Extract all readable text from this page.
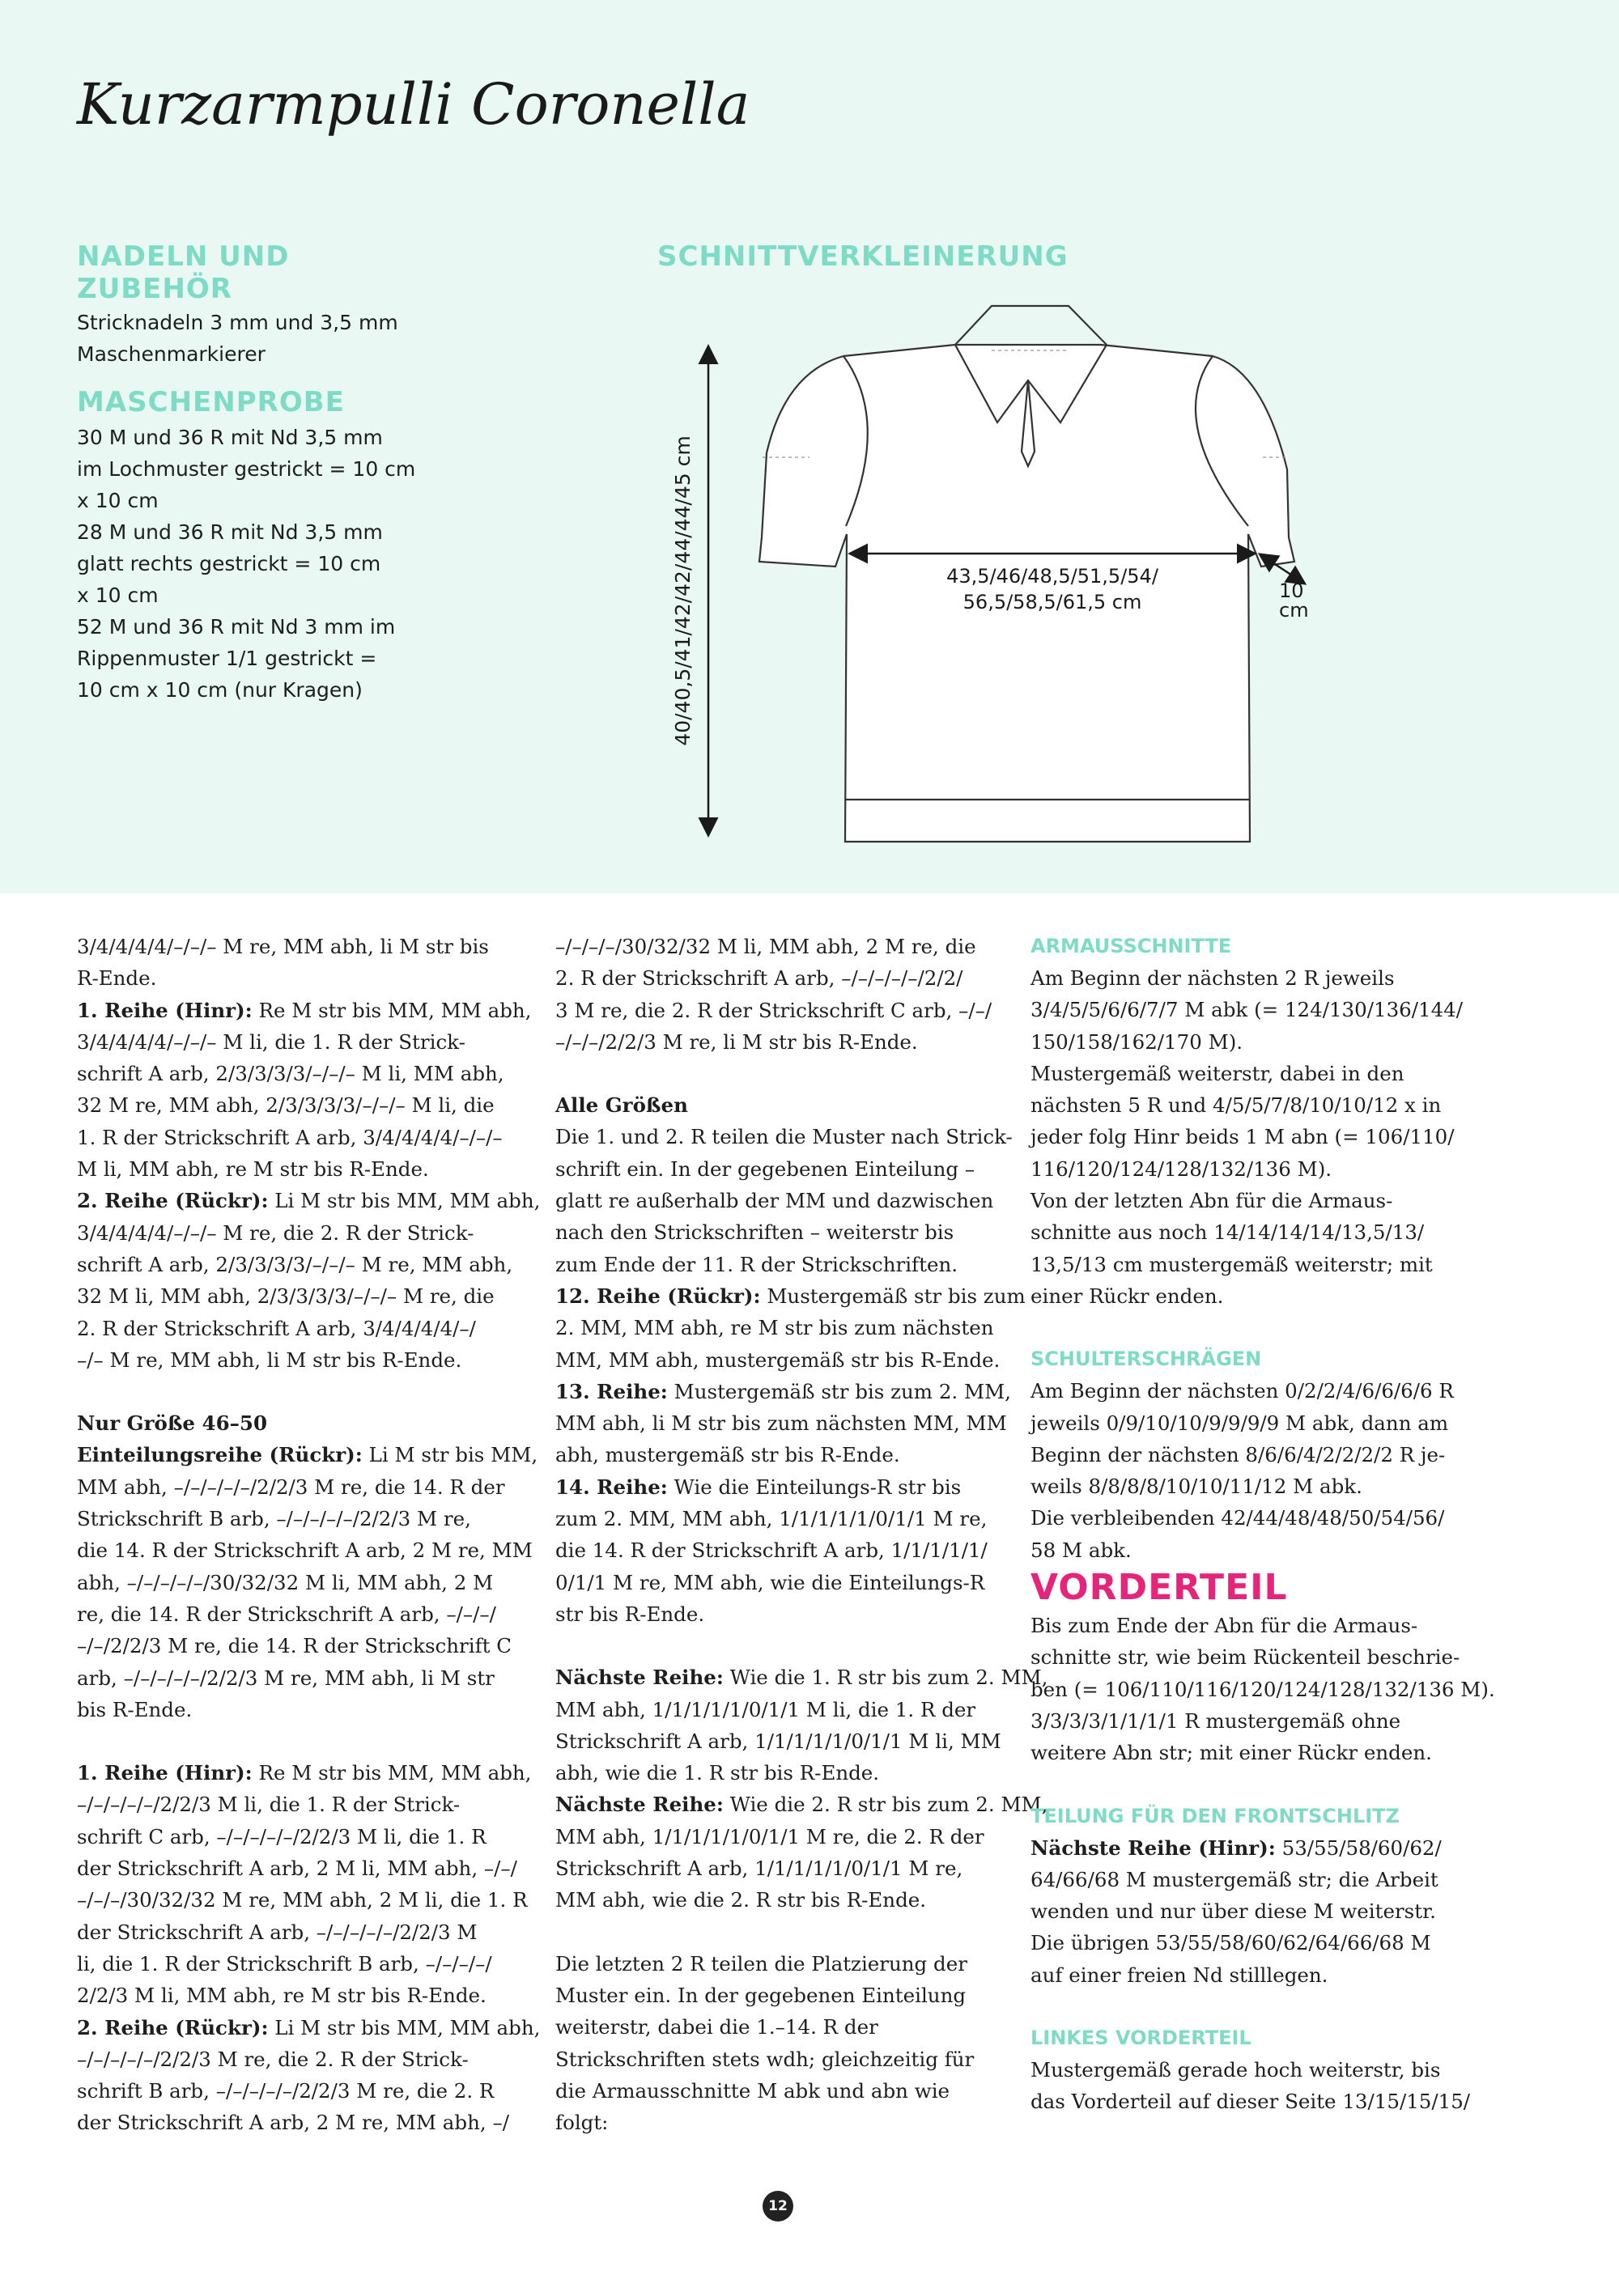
Kurzarmpulli Coronella
NADELN UND
ZUBEHÖR

Stricknadeln 3 mm und 3,5 mm

Maschenmarkierer

MASCHENPROBE

30 M und 36 R mit Nd 3,5 mm

im Lochmuster gestrickt = 10 cm

x 10 cm

28 M und 36 R mit Nd 3,5 mm

glatt rechts gestrickt = 10 cm

x 10 cm

52 M und 36 R mit Nd 3 mm im

Rippenmuster 1/1 gestrickt =

10 cm x 10 cm (nur Kragen)

SCHNITTVERKLEINERUNG
40/40,5/41/42/42/44/44/45 cm	43,5/46/48,5/51,5/54/
56,5/58,5/61,5 cm	10
cm

3/4/4/4/4/–/–/– M re, MM abh, li M str bis

R-Ende.

1. Reihe (Hinr): Re M str bis MM, MM abh,

3/4/4/4/4/–/–/– M li, die 1. R der Strick-

schrift A arb, 2/3/3/3/3/–/–/– M li, MM abh,

32 M re, MM abh, 2/3/3/3/3/–/–/– M li, die

1. R der Strickschrift A arb, 3/4/4/4/4/–/–/–

M li, MM abh, re M str bis R-Ende.

2. Reihe (Rückr): Li M str bis MM, MM abh,

3/4/4/4/4/–/–/– M re, die 2. R der Strick-

schrift A arb, 2/3/3/3/3/–/–/– M re, MM abh,

32 M li, MM abh, 2/3/3/3/3/–/–/– M re, die

2. R der Strickschrift A arb, 3/4/4/4/4/–/

–/– M re, MM abh, li M str bis R-Ende.

Nur Größe 46–50

Einteilungsreihe (Rückr): Li M str bis MM,

MM abh, –/–/–/–/–/2/2/3 M re, die 14. R der

Strickschrift B arb, –/–/–/–/–/2/2/3 M re,

die 14. R der Strickschrift A arb, 2 M re, MM

abh, –/–/–/–/–/30/32/32 M li, MM abh, 2 M

re, die 14. R der Strickschrift A arb, –/–/–/

–/–/2/2/3 M re, die 14. R der Strickschrift C

arb, –/–/–/–/–/2/2/3 M re, MM abh, li M str

bis R-Ende.

1. Reihe (Hinr): Re M str bis MM, MM abh,

–/–/–/–/–/2/2/3 M li, die 1. R der Strick-

schrift C arb, –/–/–/–/–/2/2/3 M li, die 1. R

der Strickschrift A arb, 2 M li, MM abh, –/–/

–/–/–/30/32/32 M re, MM abh, 2 M li, die 1. R

der Strickschrift A arb, –/–/–/–/–/2/2/3 M

li, die 1. R der Strickschrift B arb, –/–/–/–/

2/2/3 M li, MM abh, re M str bis R-Ende.

2. Reihe (Rückr): Li M str bis MM, MM abh,

–/–/–/–/–/2/2/3 M re, die 2. R der Strick-

schrift B arb, –/–/–/–/–/2/2/3 M re, die 2. R

der Strickschrift A arb, 2 M re, MM abh, –/

–/–/–/–/30/32/32 M li, MM abh, 2 M re, die

2. R der Strickschrift A arb, –/–/–/–/–/2/2/

3 M re, die 2. R der Strickschrift C arb, –/–/

–/–/–/2/2/3 M re, li M str bis R-Ende.

Alle Größen

Die 1. und 2. R teilen die Muster nach Strick-

schrift ein. In der gegebenen Einteilung –

glatt re außerhalb der MM und dazwischen

nach den Strickschriften – weiterstr bis

zum Ende der 11. R der Strickschriften.

12. Reihe (Rückr): Mustergemäß str bis zum

2. MM, MM abh, re M str bis zum nächsten

MM, MM abh, mustergemäß str bis R-Ende.

13. Reihe: Mustergemäß str bis zum 2. MM,

MM abh, li M str bis zum nächsten MM, MM

abh, mustergemäß str bis R-Ende.

14. Reihe: Wie die Einteilungs-R str bis

zum 2. MM, MM abh, 1/1/1/1/1/0/1/1 M re,

die 14. R der Strickschrift A arb, 1/1/1/1/1/

0/1/1 M re, MM abh, wie die Einteilungs-R

str bis R-Ende.

Nächste Reihe: Wie die 1. R str bis zum 2. MM,

MM abh, 1/1/1/1/1/0/1/1 M li, die 1. R der

Strickschrift A arb, 1/1/1/1/1/0/1/1 M li, MM

abh, wie die 1. R str bis R-Ende.

Nächste Reihe: Wie die 2. R str bis zum 2. MM,

MM abh, 1/1/1/1/1/0/1/1 M re, die 2. R der

Strickschrift A arb, 1/1/1/1/1/0/1/1 M re,

MM abh, wie die 2. R str bis R-Ende.

Die letzten 2 R teilen die Platzierung der

Muster ein. In der gegebenen Einteilung

weiterstr, dabei die 1.–14. R der

Strickschriften stets wdh; gleichzeitig für

die Armausschnitte M abk und abn wie

folgt:

ARMAUSSCHNITTE

Am Beginn der nächsten 2 R jeweils

3/4/5/5/6/6/7/7 M abk (= 124/130/136/144/

150/158/162/170 M).

Mustergemäß weiterstr, dabei in den

nächsten 5 R und 4/5/5/7/8/10/10/12 x in

jeder folg Hinr beids 1 M abn (= 106/110/

116/120/124/128/132/136 M).

Von der letzten Abn für die Armaus-

schnitte aus noch 14/14/14/14/13,5/13/

13,5/13 cm mustergemäß weiterstr; mit

einer Rückr enden.

SCHULTERSCHRÄGEN

Am Beginn der nächsten 0/2/2/4/6/6/6/6 R

jeweils 0/9/10/10/9/9/9/9 M abk, dann am

Beginn der nächsten 8/6/6/4/2/2/2/2 R je-

weils 8/8/8/8/10/10/11/12 M abk.

Die verbleibenden 42/44/48/48/50/54/56/

58 M abk.

VORDERTEIL

Bis zum Ende der Abn für die Armaus-

schnitte str, wie beim Rückenteil beschrie-

ben (= 106/110/116/120/124/128/132/136 M).

3/3/3/3/1/1/1/1 R mustergemäß ohne

weitere Abn str; mit einer Rückr enden.

TEILUNG FÜR DEN FRONTSCHLITZ

Nächste Reihe (Hinr): 53/55/58/60/62/

64/66/68 M mustergemäß str; die Arbeit

wenden und nur über diese M weiterstr.

Die übrigen 53/55/58/60/62/64/66/68 M

auf einer freien Nd stilllegen.

LINKES VORDERTEIL

Mustergemäß gerade hoch weiterstr, bis

das Vorderteil auf dieser Seite 13/15/15/15/

12
